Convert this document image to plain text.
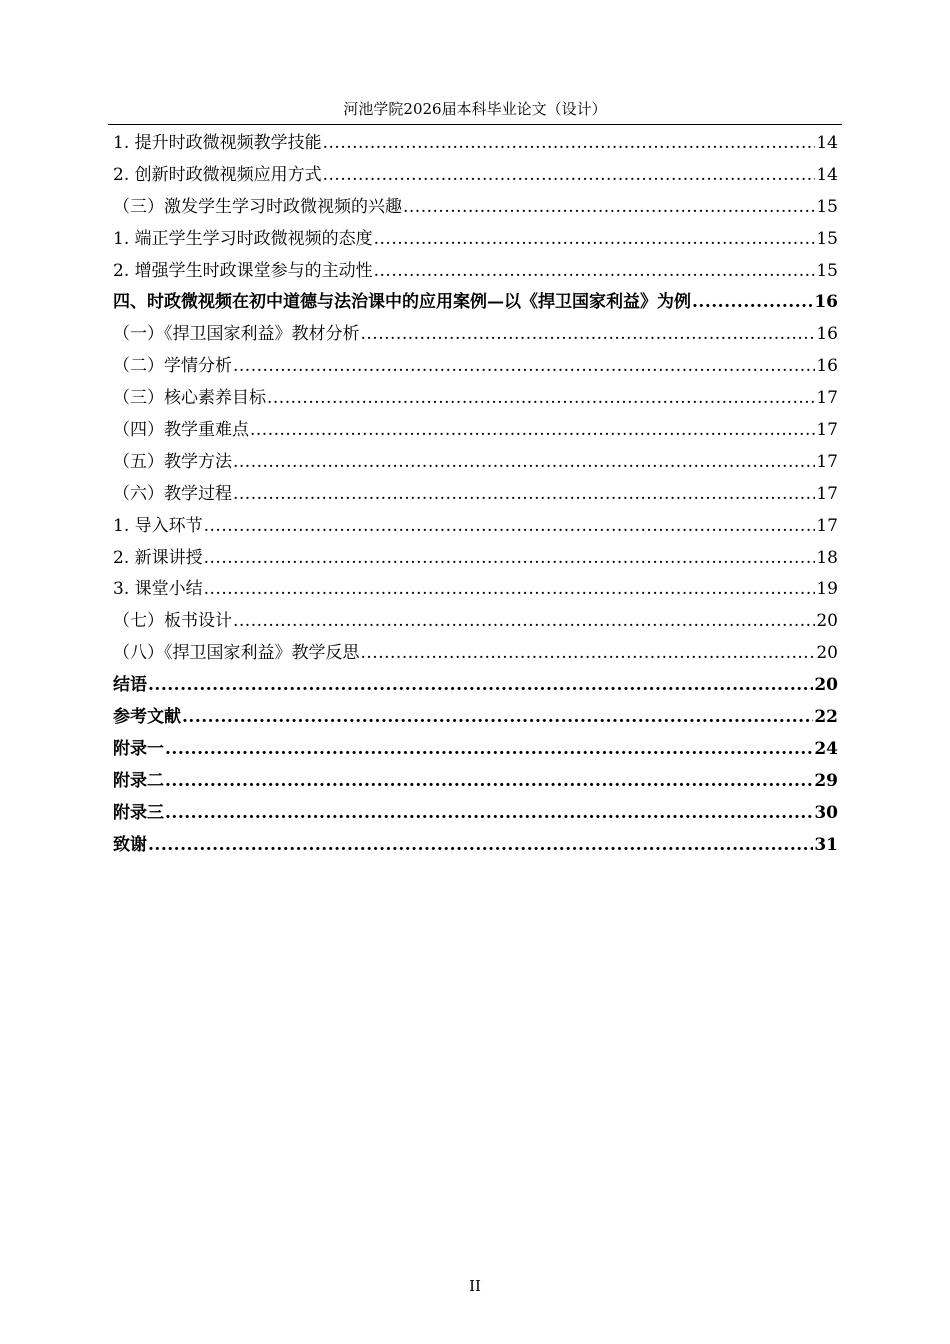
河池学院2026届本科毕业论文（设计）
1. 提升时政微视频教学技能 .....	14
2. 创新时政微视频应用方式 .....	14
（三）激发学生学习时政微视频的兴趣 .....	15
1. 端正学生学习时政微视频的态度 .....	15
2. 增强学生时政课堂参与的主动性 .....	15
四、时政微视频在初中道德与法治课中的应用案例—以《捍卫国家利益》为例 .....	16
（一）《捍卫国家利益》教材分析 .....	16
（二）学情分析 .....	16
（三）核心素养目标 .....	17
（四）教学重难点 .....	17
（五）教学方法 .....	17
（六）教学过程 .....	17
1. 导入环节 .....	17
2. 新课讲授 .....	18
3. 课堂小结 .....	19
（七）板书设计 .....	20
（八）《捍卫国家利益》教学反思 .....	20
结语 .....	20
参考文献 .....	22
附录一 .....	24
附录二 .....	29
附录三 .....	30
致谢 .....	31
II
